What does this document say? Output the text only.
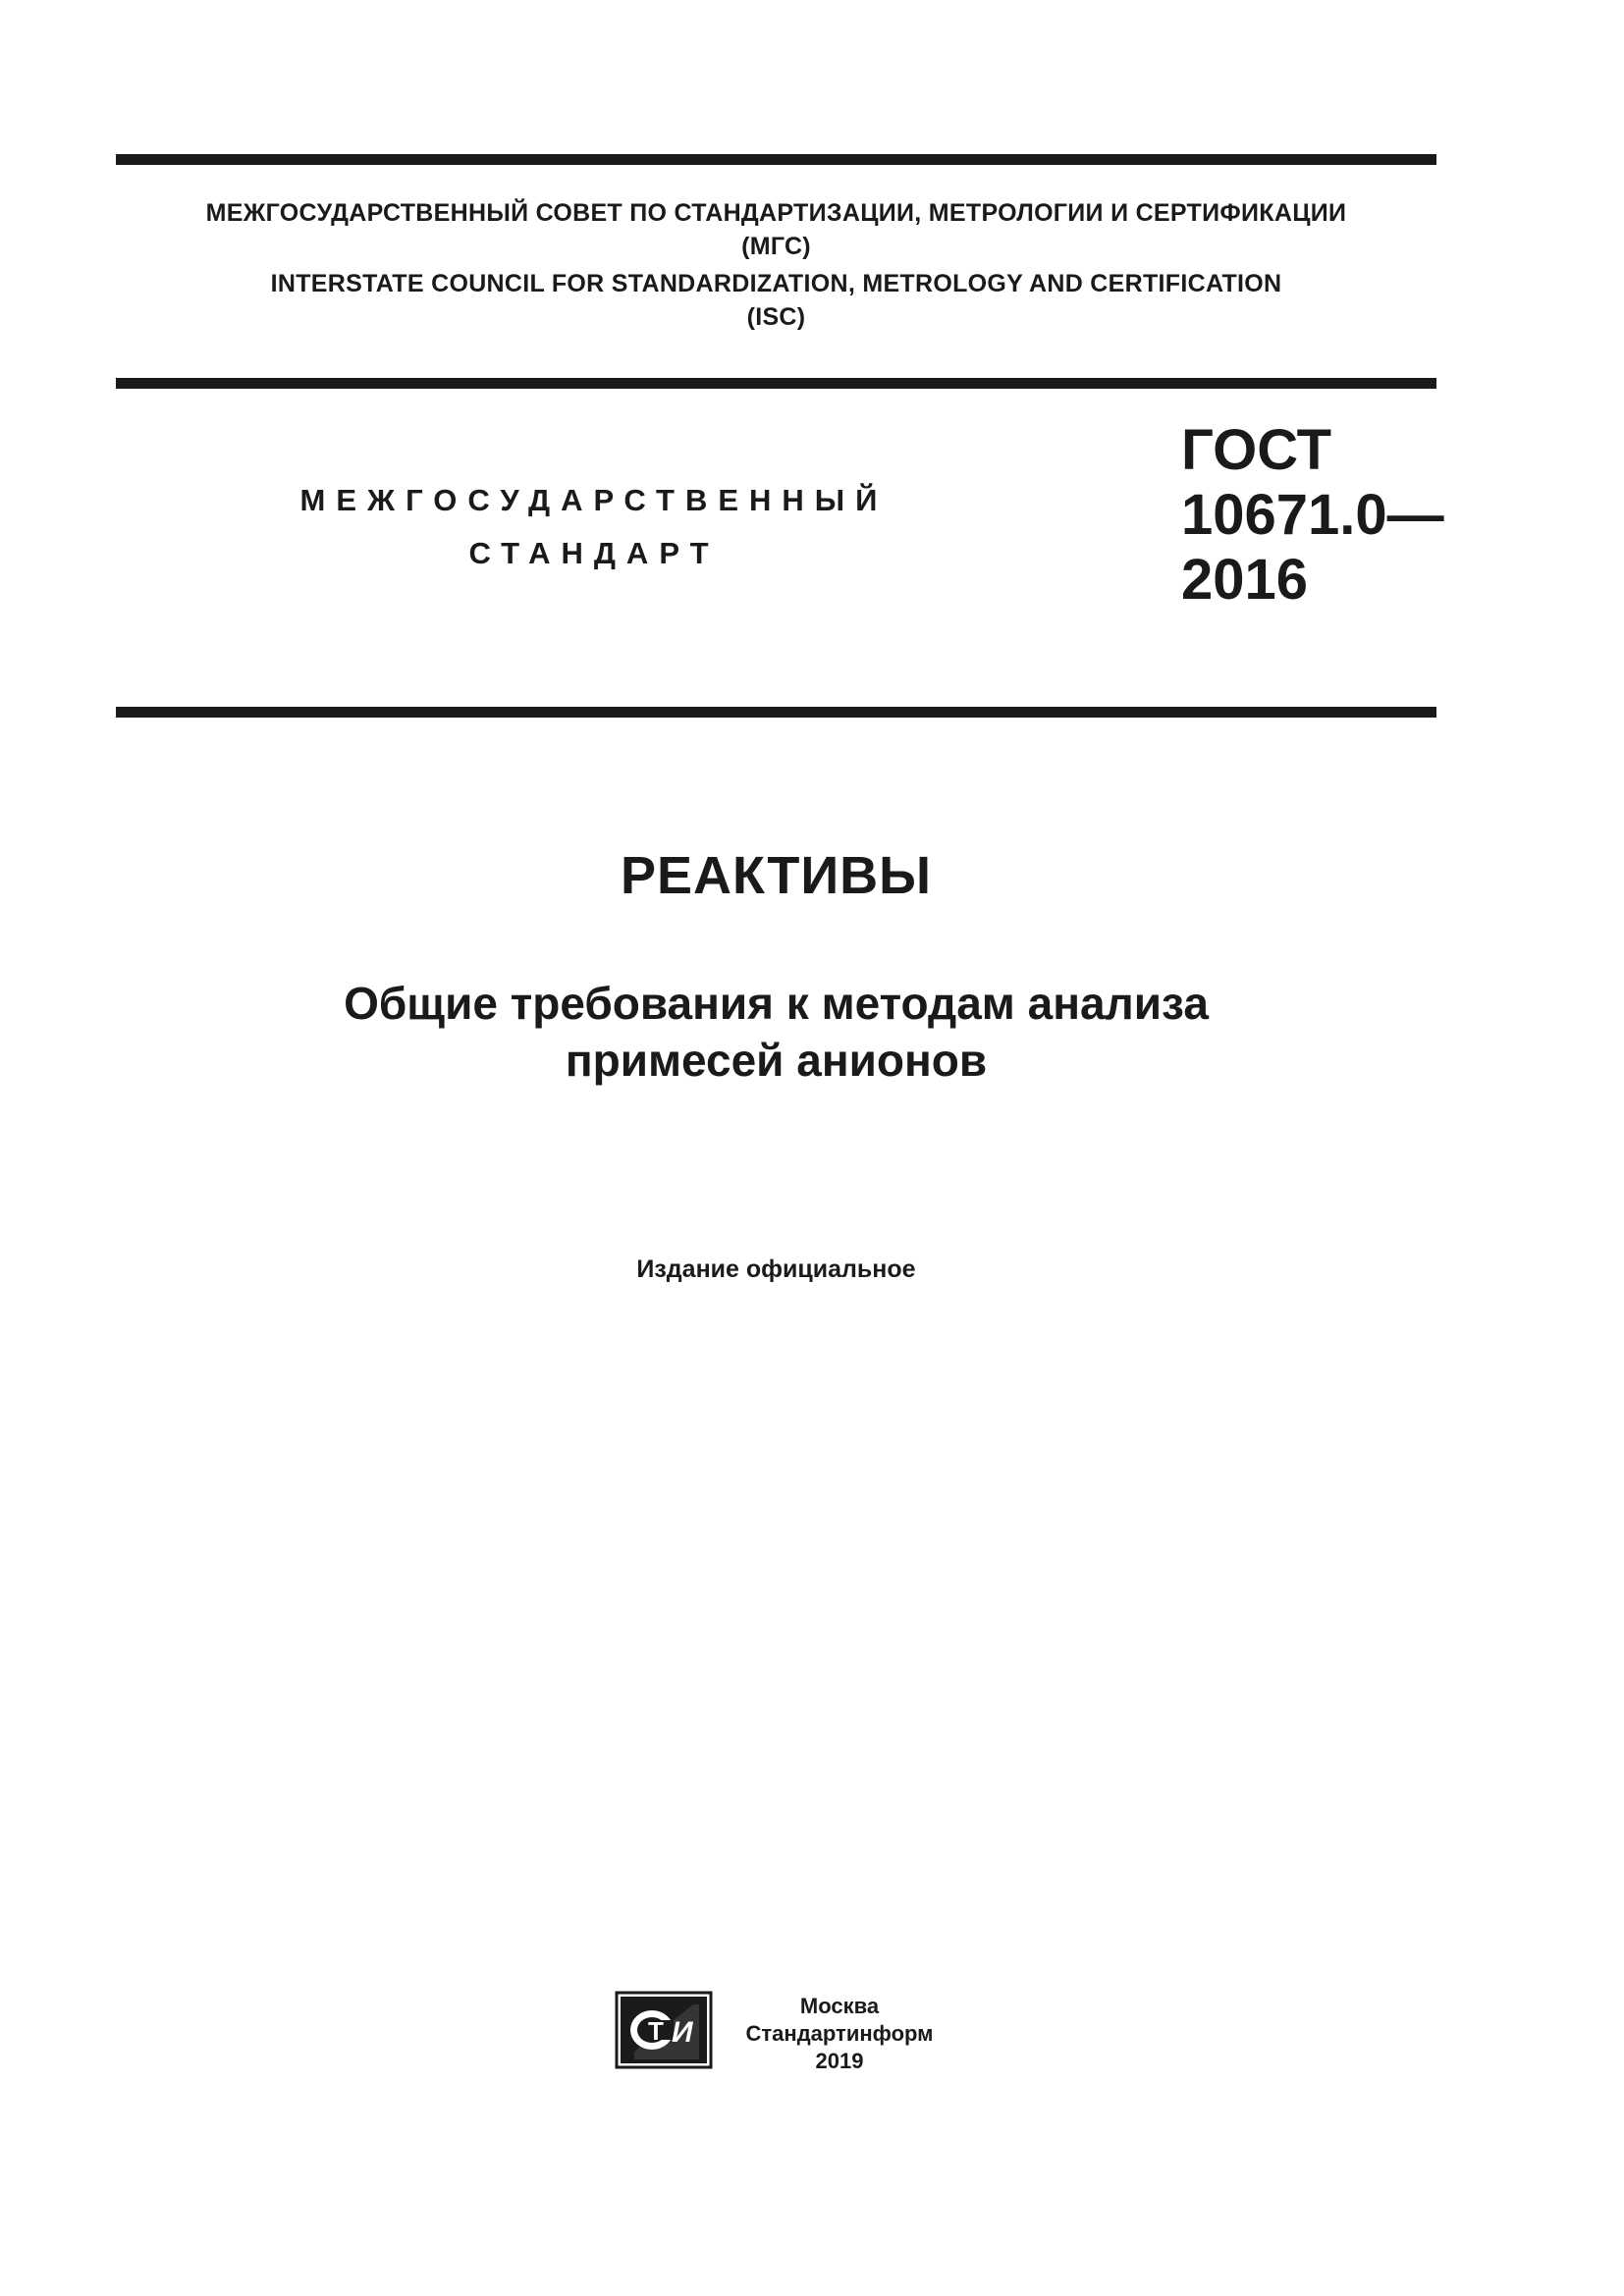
МЕЖГОСУДАРСТВЕННЫЙ СОВЕТ ПО СТАНДАРТИЗАЦИИ, МЕТРОЛОГИИ И СЕРТИФИКАЦИИ
(МГС)
INTERSTATE COUNCIL FOR STANDARDIZATION, METROLOGY AND CERTIFICATION
(ISC)
МЕЖГОСУДАРСТВЕННЫЙ
СТАНДАРТ
ГОСТ
10671.0—
2016
РЕАКТИВЫ
Общие требования к методам анализа
примесей анионов
Издание официальное
Т И
Москва
Стандартинформ
2019
